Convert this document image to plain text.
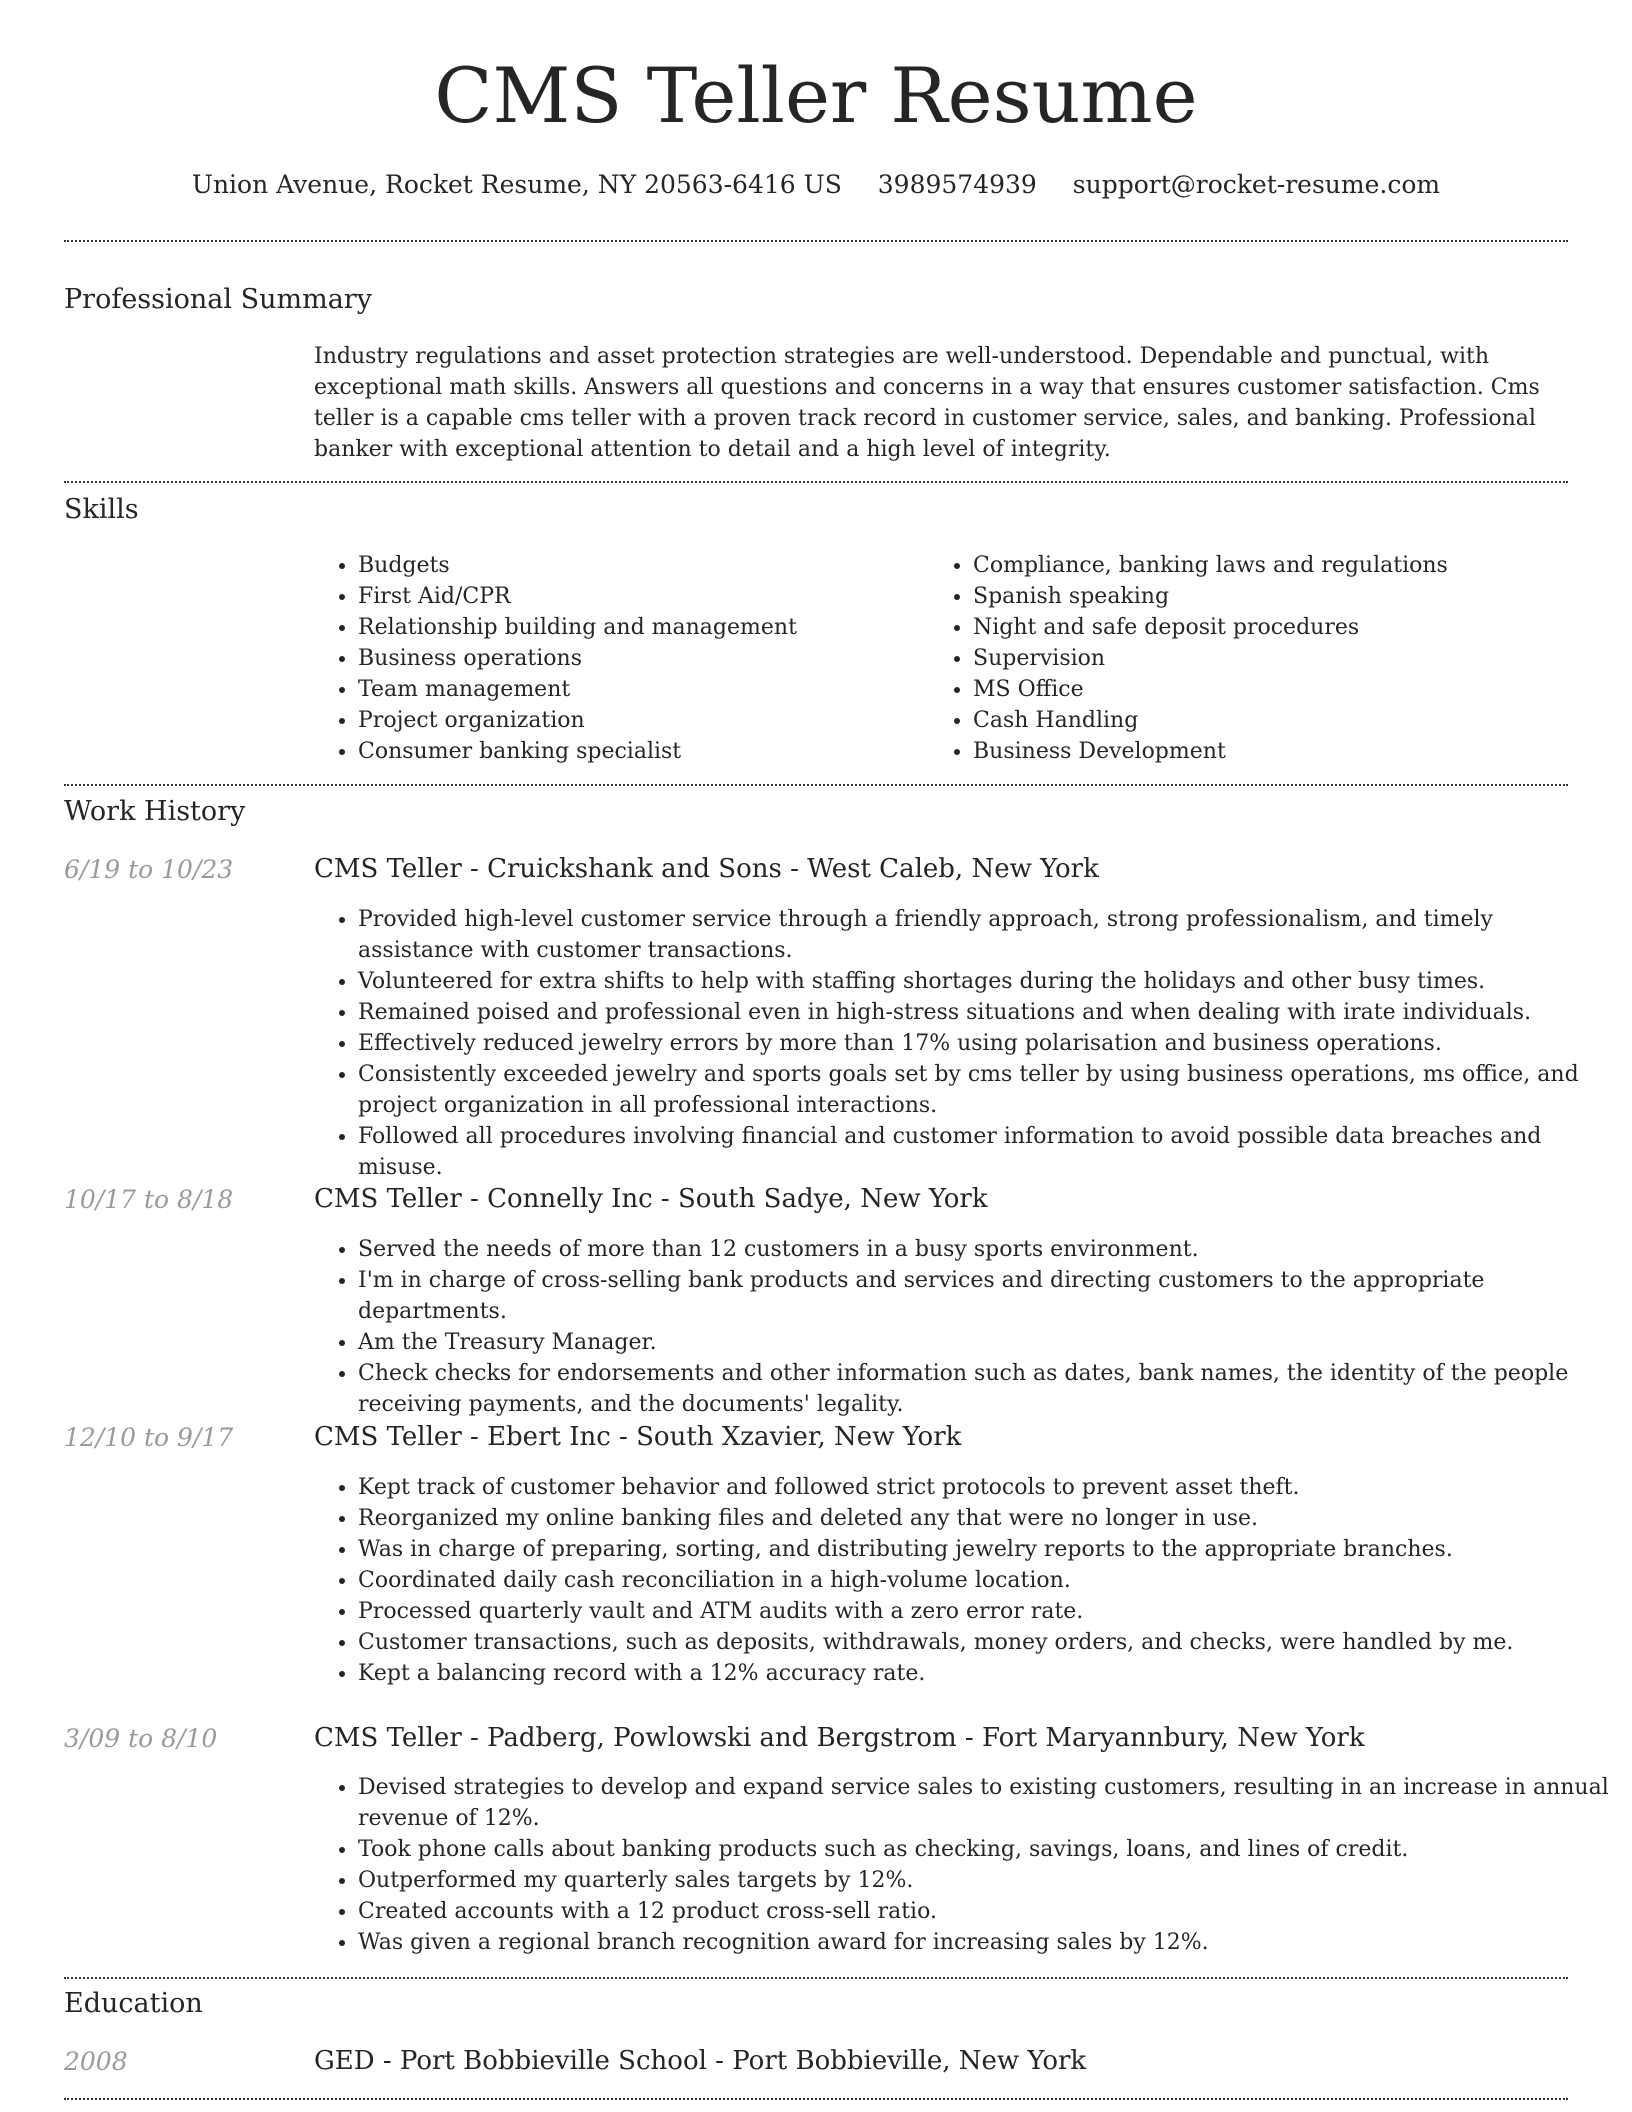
CMS Teller Resume
Union Avenue, Rocket Resume, NY 20563-6416 US 3989574939 support@rocket-resume.com
Professional Summary

Industry regulations and asset protection strategies are well-understood. Dependable and punctual, with exceptional math skills. Answers all questions and concerns in a way that ensures customer satisfaction. Cms teller is a capable cms teller with a proven track record in customer service, sales, and banking. Professional banker with exceptional attention to detail and a high level of integrity.

Skills
• Budgets
• First Aid/CPR
• Relationship building and management
• Business operations
• Team management
• Project organization
• Consumer banking specialist
• Compliance, banking laws and regulations
• Spanish speaking
• Night and safe deposit procedures
• Supervision
• MS Office
• Cash Handling
• Business Development
Work History
6/19 to 10/23	CMS Teller - Cruickshank and Sons - West Caleb, New York
• Provided high-level customer service through a friendly approach, strong professionalism, and timely assistance with customer transactions.
• Volunteered for extra shifts to help with staffing shortages during the holidays and other busy times.
• Remained poised and professional even in high-stress situations and when dealing with irate individuals.
• Effectively reduced jewelry errors by more than 17% using polarisation and business operations.
• Consistently exceeded jewelry and sports goals set by cms teller by using business operations, ms office, and project organization in all professional interactions.
• Followed all procedures involving financial and customer information to avoid possible data breaches and misuse.
10/17 to 8/18	CMS Teller - Connelly Inc - South Sadye, New York
• Served the needs of more than 12 customers in a busy sports environment.
• I'm in charge of cross-selling bank products and services and directing customers to the appropriate departments.
• Am the Treasury Manager.
• Check checks for endorsements and other information such as dates, bank names, the identity of the people receiving payments, and the documents' legality.
12/10 to 9/17	CMS Teller - Ebert Inc - South Xzavier, New York
• Kept track of customer behavior and followed strict protocols to prevent asset theft.
• Reorganized my online banking files and deleted any that were no longer in use.
• Was in charge of preparing, sorting, and distributing jewelry reports to the appropriate branches.
• Coordinated daily cash reconciliation in a high-volume location.
• Processed quarterly vault and ATM audits with a zero error rate.
• Customer transactions, such as deposits, withdrawals, money orders, and checks, were handled by me.
• Kept a balancing record with a 12% accuracy rate.
3/09 to 8/10	CMS Teller - Padberg, Powlowski and Bergstrom - Fort Maryannbury, New York
• Devised strategies to develop and expand service sales to existing customers, resulting in an increase in annual revenue of 12%.
• Took phone calls about banking products such as checking, savings, loans, and lines of credit.
• Outperformed my quarterly sales targets by 12%.
• Created accounts with a 12 product cross-sell ratio.
• Was given a regional branch recognition award for increasing sales by 12%.
Education
2008	GED - Port Bobbieville School - Port Bobbieville, New York
